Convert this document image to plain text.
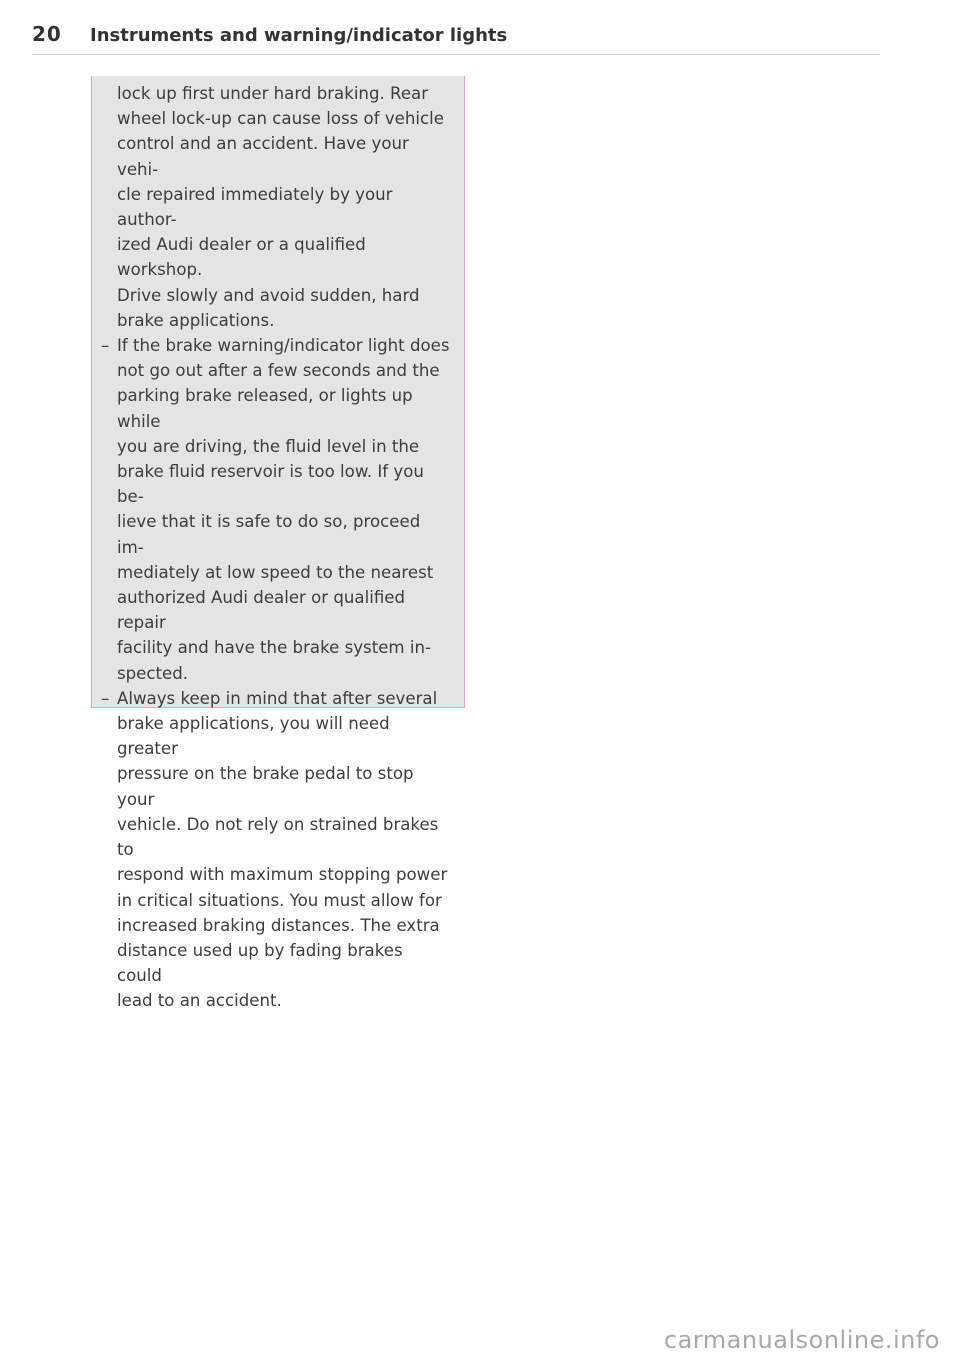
20	Instruments and warning/indicator lights
lock up first under hard braking. Rear
wheel lock-up can cause loss of vehicle
control and an accident. Have your vehi-
cle repaired immediately by your author-
ized Audi dealer or a qualified workshop.
Drive slowly and avoid sudden, hard
brake applications.
– If the brake warning/indicator light does
not go out after a few seconds and the
parking brake released, or lights up while
you are driving, the fluid level in the
brake fluid reservoir is too low. If you be-
lieve that it is safe to do so, proceed im-
mediately at low speed to the nearest
authorized Audi dealer or qualified repair
facility and have the brake system in-
spected.
– Always keep in mind that after several
brake applications, you will need greater
pressure on the brake pedal to stop your
vehicle. Do not rely on strained brakes to
respond with maximum stopping power
in critical situations. You must allow for
increased braking distances. The extra
distance used up by fading brakes could
lead to an accident.
carmanualsonline.info
